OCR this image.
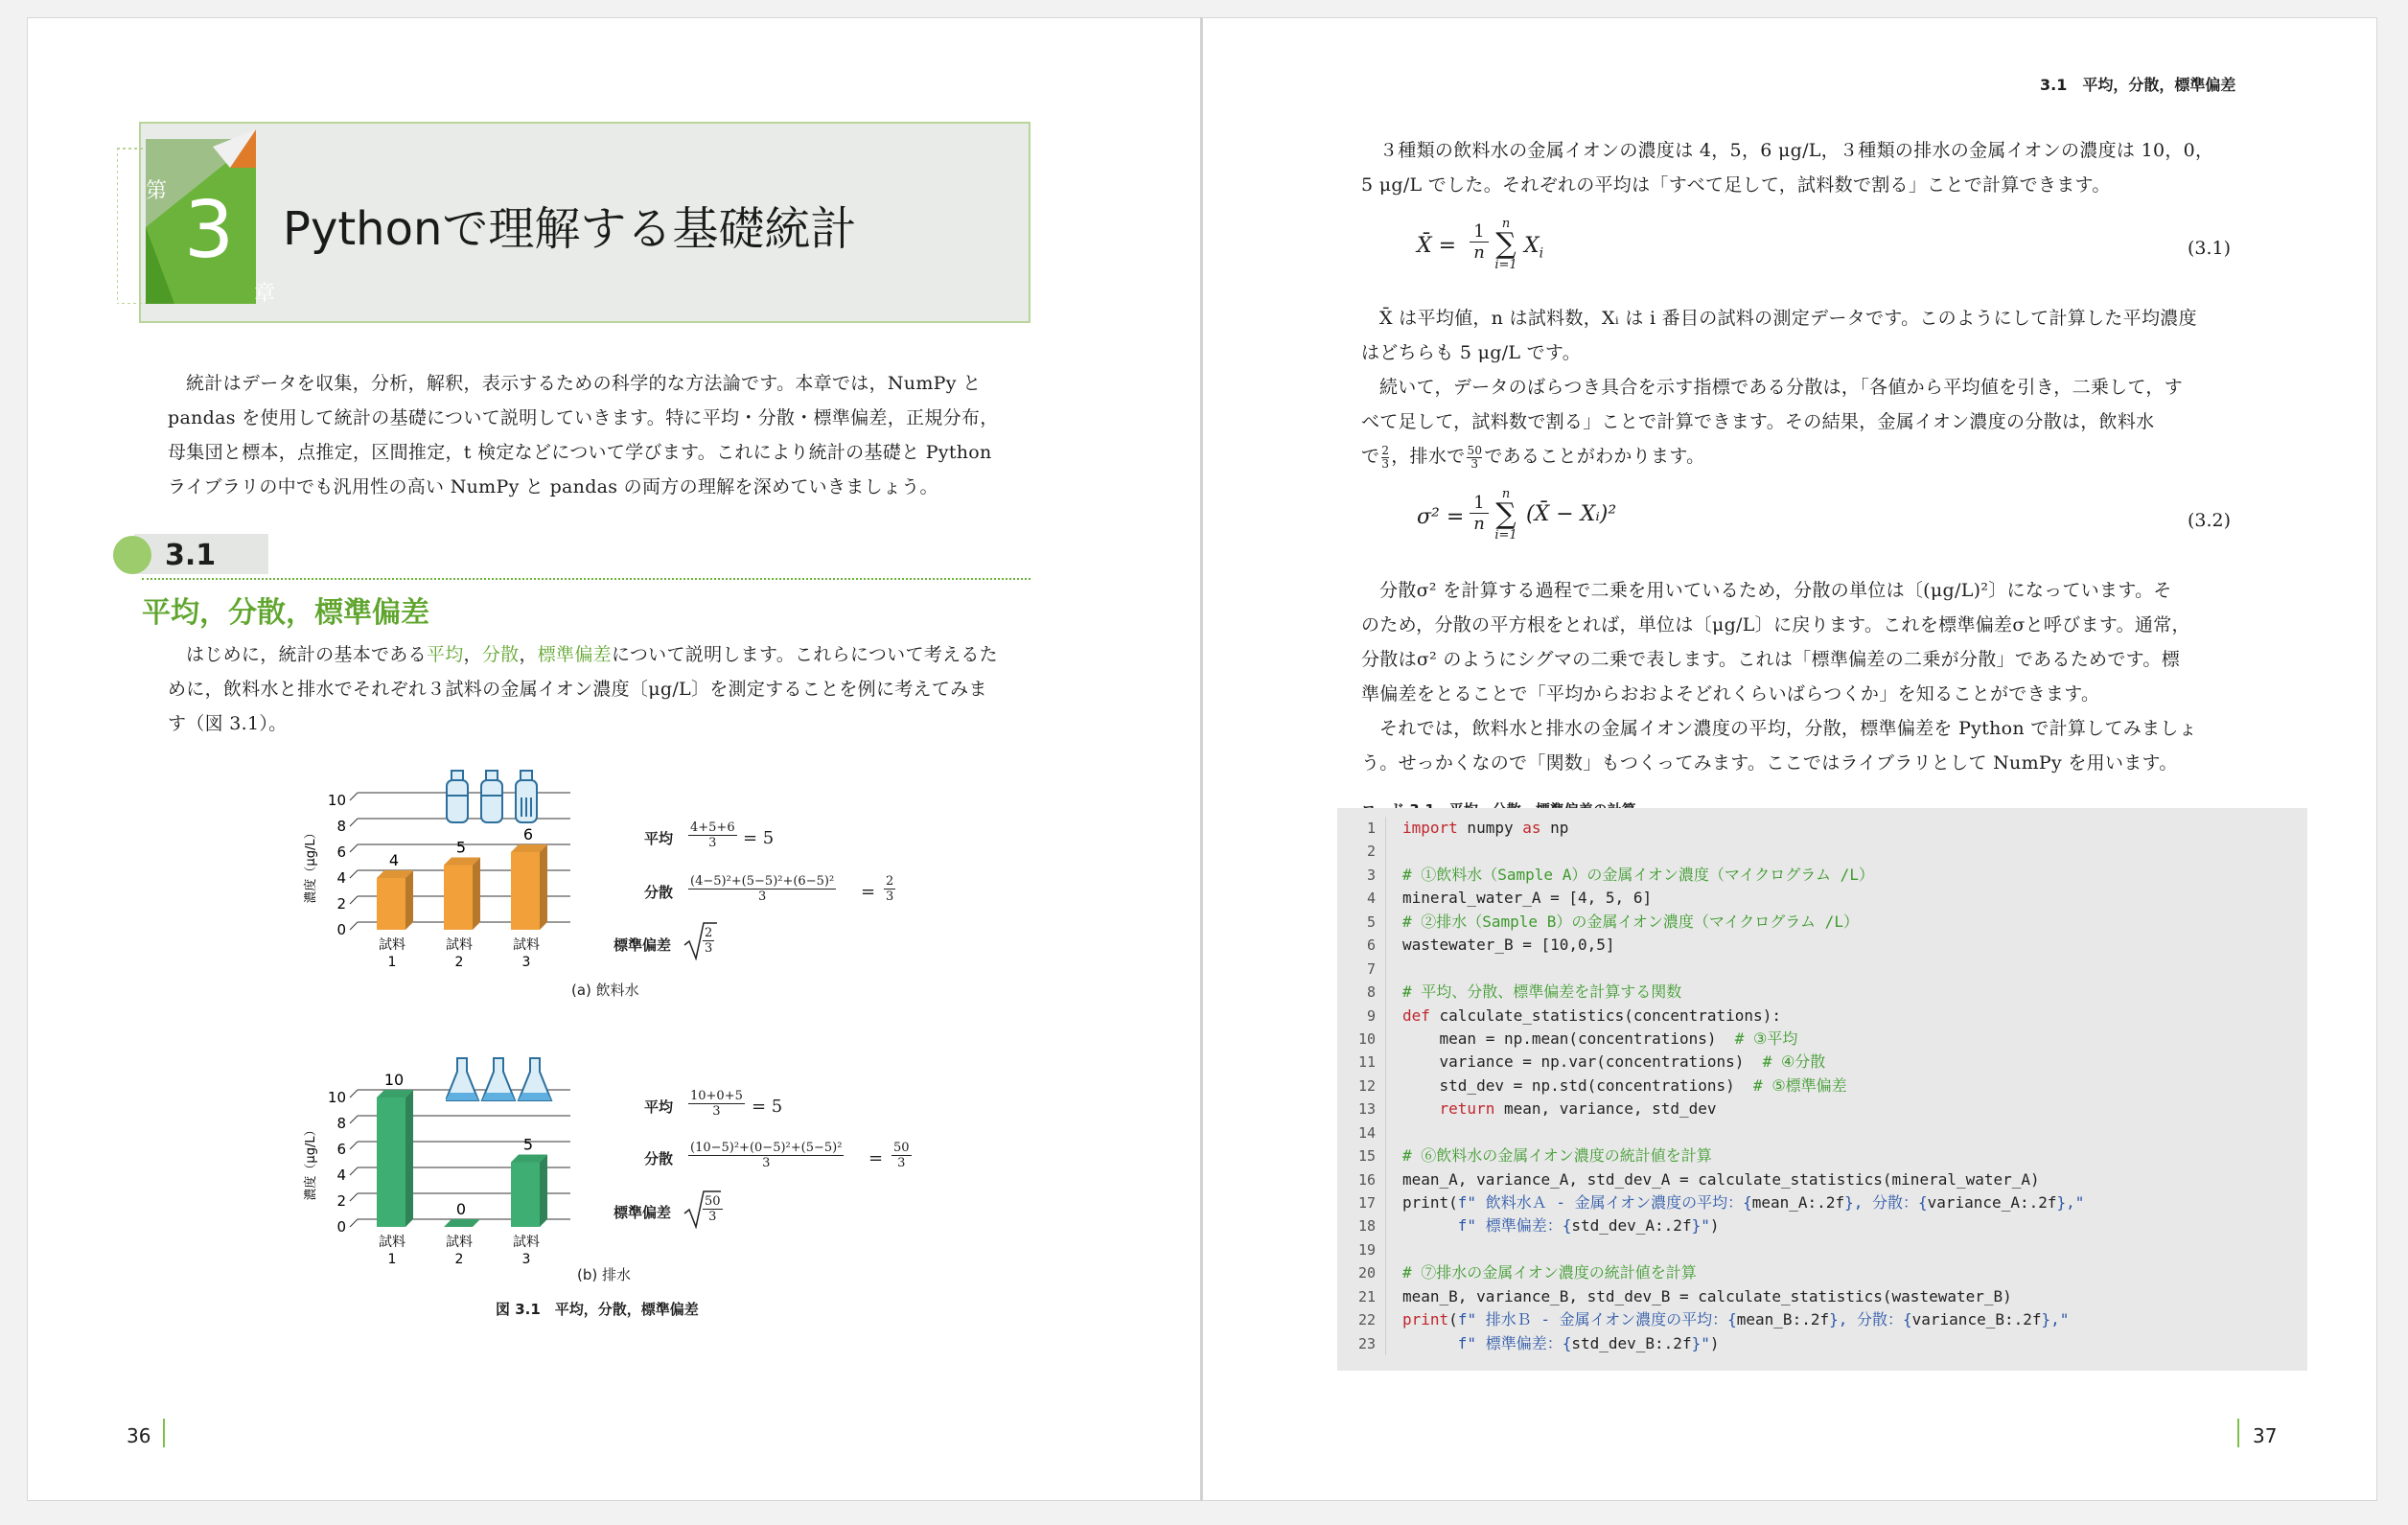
第 3
章
Pythonで理解する基礎統計
統計はデータを収集，分析，解釈，表示するための科学的な方法論です。本章では，NumPy と
pandas を使用して統計の基礎について説明していきます。特に平均・分散・標準偏差，正規分布，
母集団と標本，点推定，区間推定，t 検定などについて学びます。これにより統計の基礎と Python
ライブラリの中でも汎用性の高い NumPy と pandas の両方の理解を深めていきましょう。
3.1
平均，分散，標準偏差
はじめに，統計の基本である平均，分散，標準偏差について説明します。これらについて考えるた
めに，飲料水と排水でそれぞれ３試料の金属イオン濃度〔μg/L〕を測定することを例に考えてみま
す（図 3.1）。
0
2
4
6
8
10
濃度（μg/L）	4
試料
1
5
試料
2
6
試料
3
0
2
4
6
8
10
濃度（μg/L）
10
試料
1
0
試料
2
5
試料
3
平均 $\frac{4+5+6}{3} = 5$
分散 $\frac{\text{(4−5)²+(5−5)²+(6−5)²}}{3} = \frac{2}{3}$
標準偏差	$\frac{2}{3}$
(a) 飲料水
平均 $\frac{10+0+5}{3} = 5$
分散 $\frac{\text{(10−5)²+(0−5)²+(5−5)²}}{3} = \frac{50}{3}$
標準偏差	$\frac{50}{3}$
(b) 排水
図 3.1　平均，分散，標準偏差
36
3.1　平均，分散，標準偏差
３種類の飲料水の金属イオンの濃度は 4，5，6 μg/L，３種類の排水の金属イオンの濃度は 10，0，
5 μg/L でした。それぞれの平均は「すべて足して，試料数で割る」ことで計算できます。
X̄ = $\frac{1}{n}$	n
∑
i=1
$X_i$	(3.1)
X̄ は平均値，n は試料数，Xᵢ は i 番目の試料の測定データです。このようにして計算した平均濃度
はどちらも 5 μg/L です。
続いて，データのばらつき具合を示す指標である分散は，「各値から平均値を引き，二乗して，す
べて足して，試料数で割る」ことで計算できます。その結果，金属イオン濃度の分散は，飲料水
で $\frac{2}{3}$ ，排水で $\frac{50}{3}$ であることがわかります。
$\sigma^2 = \frac{1}{n}$	n
∑
i=1
(X̄ − Xᵢ)²	(3.2)
分散σ² を計算する過程で二乗を用いているため，分散の単位は〔(μg/L)²〕になっています。そ
のため，分散の平方根をとれば，単位は〔μg/L〕に戻ります。これを標準偏差σと呼びます。通常，
分散はσ² のようにシグマの二乗で表します。これは「標準偏差の二乗が分散」であるためです。標
準偏差をとることで「平均からおおよそどれくらいばらつくか」を知ることができます。
それでは，飲料水と排水の金属イオン濃度の平均，分散，標準偏差を Python で計算してみましょ
う。せっかくなので「関数」もつくってみます。ここではライブラリとして NumPy を用います。
1
2
3
4
5
6
7
8
9
10
11
12
13
14
15
16
17
18
19
20
21
22
23
import numpy as np
# ①飲料水（Sample A）の金属イオン濃度（マイクログラム /L）
mineral_water_A = [4, 5, 6]
# ②排水（Sample B）の金属イオン濃度（マイクログラム /L）
wastewater_B = [10,0,5]
# 平均、分散、標準偏差を計算する関数
def calculate_statistics(concentrations):
mean = np.mean(concentrations)  # ③平均
variance = np.var(concentrations)  # ④分散
std_dev = np.std(concentrations)  # ⑤標準偏差
return mean, variance, std_dev
# ⑥飲料水の金属イオン濃度の統計値を計算
mean_A, variance_A, std_dev_A = calculate_statistics(mineral_water_A)
print(f" 飲料水Ａ - 金属イオン濃度の平均：{mean_A:.2f}, 分散：{variance_A:.2f},"
f" 標準偏差：{std_dev_A:.2f}")
# ⑦排水の金属イオン濃度の統計値を計算
mean_B, variance_B, std_dev_B = calculate_statistics(wastewater_B)
print(f" 排水Ｂ - 金属イオン濃度の平均：{mean_B:.2f}, 分散：{variance_B:.2f},"
f" 標準偏差：{std_dev_B:.2f}")
37
